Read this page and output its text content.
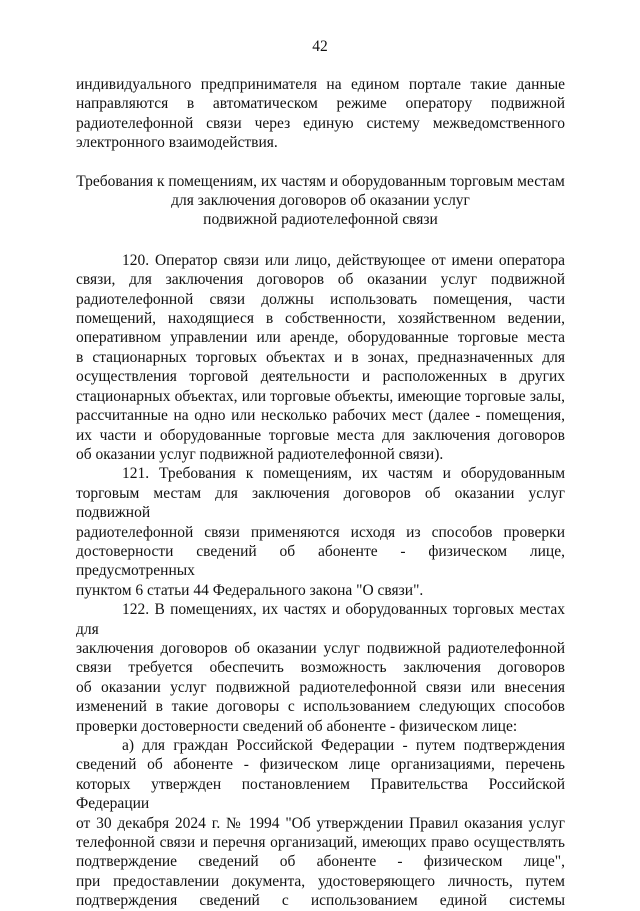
42
индивидуального предпринимателя на едином портале такие данные
направляются в автоматическом режиме оператору подвижной
радиотелефонной связи через единую систему межведомственного
электронного взаимодействия.
Требования к помещениям, их частям и оборудованным торговым местам
для заключения договоров об оказании услуг
подвижной радиотелефонной связи
120. Оператор связи или лицо, действующее от имени оператора
связи, для заключения договоров об оказании услуг подвижной
радиотелефонной связи должны использовать помещения, части
помещений, находящиеся в собственности, хозяйственном ведении,
оперативном управлении или аренде, оборудованные торговые места
в стационарных торговых объектах и в зонах, предназначенных для
осуществления торговой деятельности и расположенных в других
стационарных объектах, или торговые объекты, имеющие торговые залы,
рассчитанные на одно или несколько рабочих мест (далее - помещения,
их части и оборудованные торговые места для заключения договоров
об оказании услуг подвижной радиотелефонной связи).
121. Требования к помещениям, их частям и оборудованным
торговым местам для заключения договоров об оказании услуг подвижной
радиотелефонной связи применяются исходя из способов проверки
достоверности сведений об абоненте - физическом лице, предусмотренных
пунктом 6 статьи 44 Федерального закона "О связи".
122. В помещениях, их частях и оборудованных торговых местах для
заключения договоров об оказании услуг подвижной радиотелефонной
связи требуется обеспечить возможность заключения договоров
об оказании услуг подвижной радиотелефонной связи или внесения
изменений в такие договоры с использованием следующих способов
проверки достоверности сведений об абоненте - физическом лице:
а) для граждан Российской Федерации - путем подтверждения
сведений об абоненте - физическом лице организациями, перечень
которых утвержден постановлением Правительства Российской Федерации
от 30 декабря 2024 г. № 1994 "Об утверждении Правил оказания услуг
телефонной связи и перечня организаций, имеющих право осуществлять
подтверждение сведений об абоненте - физическом лице",
при предоставлении документа, удостоверяющего личность, путем
подтверждения сведений с использованием единой системы
